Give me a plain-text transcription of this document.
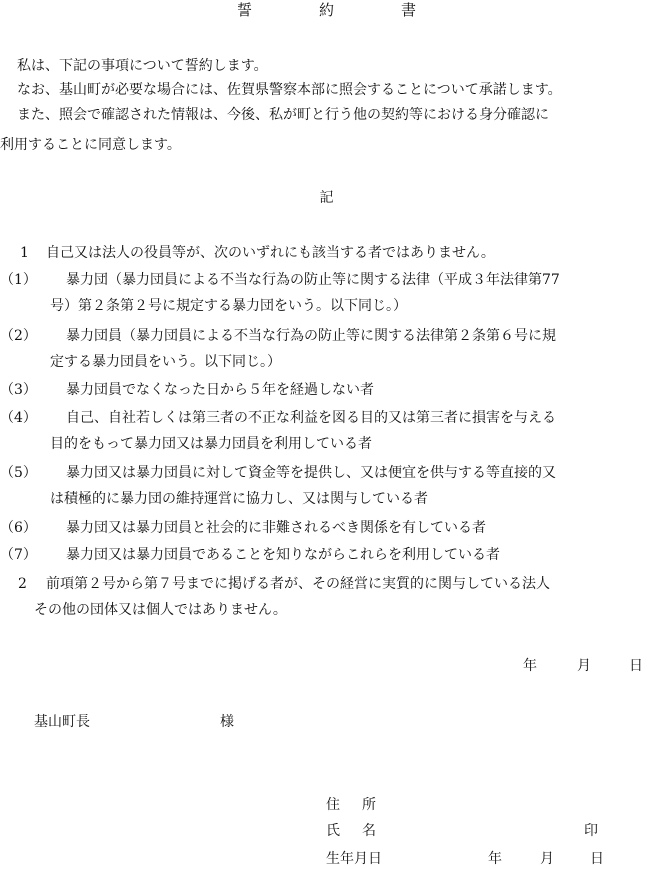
誓　約　書
私は、下記の事項について誓約します。
なお、基山町が必要な場合には、佐賀県警察本部に照会することについて承諾します。
また、照会で確認された情報は、今後、私が町と行う他の契約等における身分確認に
利用することに同意します。
記
1 自己又は法人の役員等が、次のいずれにも該当する者ではありません。
（1） 暴力団（暴力団員による不当な行為の防止等に関する法律（平成３年法律第77
号）第２条第２号に規定する暴力団をいう。以下同じ。）
（2） 暴力団員（暴力団員による不当な行為の防止等に関する法律第２条第６号に規
定する暴力団員をいう。以下同じ。）
（3） 暴力団員でなくなった日から５年を経過しない者
（4） 自己、自社若しくは第三者の不正な利益を図る目的又は第三者に損害を与える
目的をもって暴力団又は暴力団員を利用している者
（5） 暴力団又は暴力団員に対して資金等を提供し、又は便宜を供与する等直接的又
は積極的に暴力団の維持運営に協力し、又は関与している者
（6） 暴力団又は暴力団員と社会的に非難されるべき関係を有している者
（7） 暴力団又は暴力団員であることを知りながらこれらを利用している者
2 前項第２号から第７号までに掲げる者が、その経営に実質的に関与している法人
その他の団体又は個人ではありません。
年	月	日
基山町長	様
住所
氏名	印
生年月日	年	月	日
